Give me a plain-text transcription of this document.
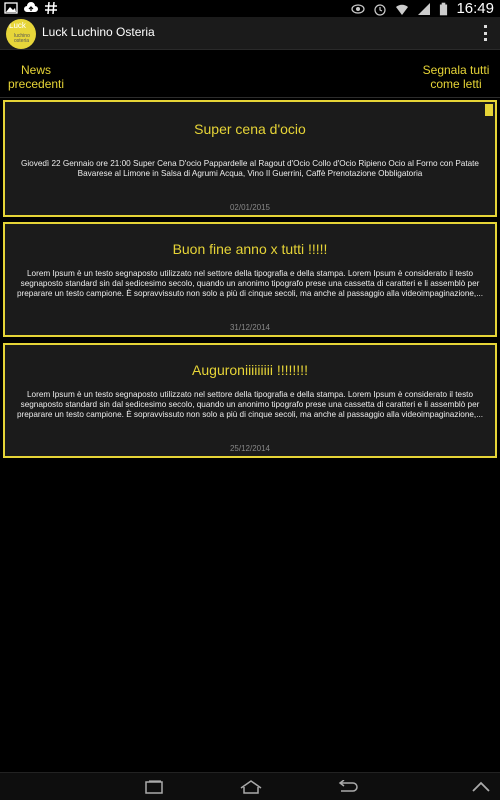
16:49
Luck
luchino osteria
Luck Luchino Osteria
News precedenti
Segnala tutti come letti
Super cena d'ocio
Giovedì 22 Gennaio ore 21:00 Super Cena D'ocio Pappardelle al Ragout d'Ocio Collo d'Ocio Ripieno Ocio al Forno con Patate Bavarese al Limone in Salsa di Agrumi Acqua, Vino Il Guerrini, Caffè Prenotazione Obbligatoria
02/01/2015
Buon fine anno x tutti !!!!!
Lorem Ipsum è un testo segnaposto utilizzato nel settore della tipografia e della stampa. Lorem Ipsum è considerato il testo segnaposto standard sin dal sedicesimo secolo, quando un anonimo tipografo prese una cassetta di caratteri e li assemblò per preparare un testo campione. È sopravvissuto non solo a più di cinque secoli, ma anche al passaggio alla videoimpaginazione,...
31/12/2014
Auguroniiiiiiiii !!!!!!!!
Lorem Ipsum è un testo segnaposto utilizzato nel settore della tipografia e della stampa. Lorem Ipsum è considerato il testo segnaposto standard sin dal sedicesimo secolo, quando un anonimo tipografo prese una cassetta di caratteri e li assemblò per preparare un testo campione. È sopravvissuto non solo a più di cinque secoli, ma anche al passaggio alla videoimpaginazione,...
25/12/2014
